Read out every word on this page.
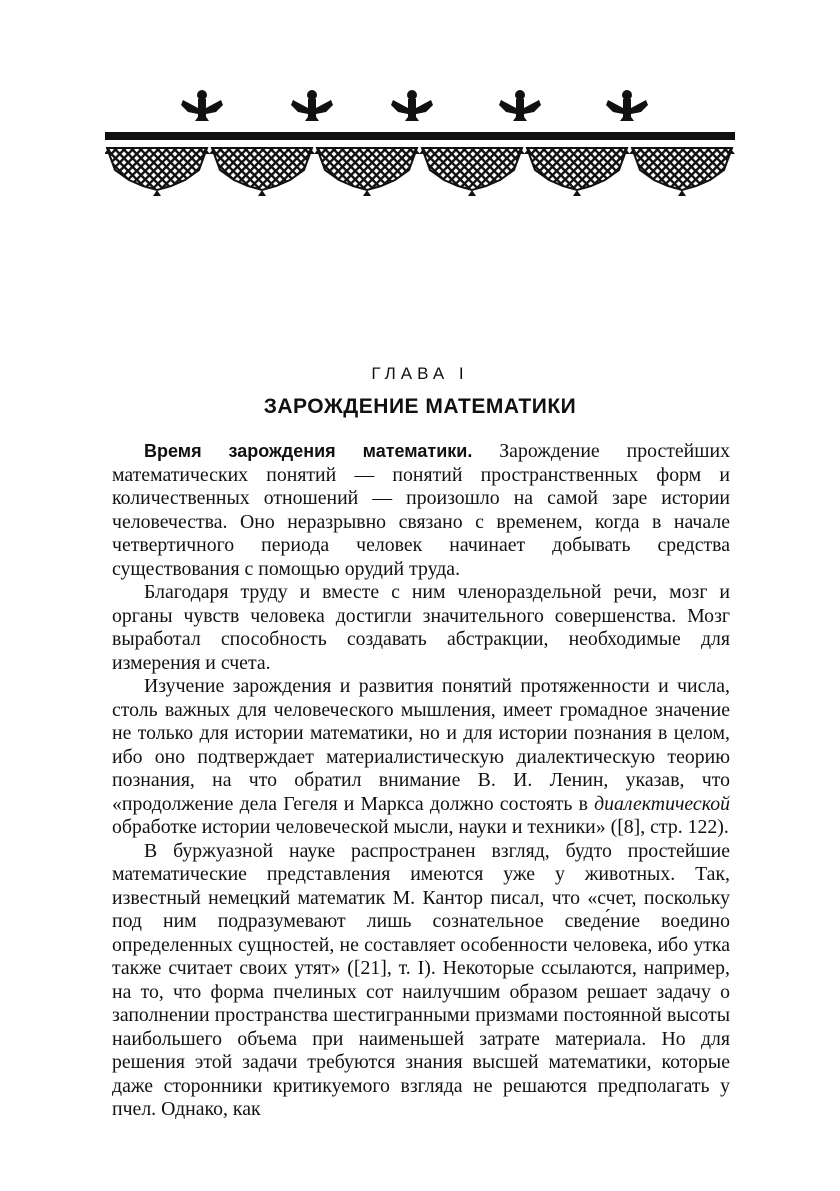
ГЛАВА I
ЗАРОЖДЕНИЕ МАТЕМАТИКИ

Время зарождения математики. Зарождение простейших математических понятий — понятий пространственных форм и количественных отношений — произошло на самой заре истории человечества. Оно неразрывно связано с временем, когда в начале четвертичного периода человек начинает добывать средства существования с помощью орудий труда.

Благодаря труду и вместе с ним членораздельной речи, мозг и органы чувств человека достигли значительного совершенства. Мозг выработал способность создавать абстракции, необходимые для измерения и счета.

Изучение зарождения и развития понятий протяженности и числа, столь важных для человеческого мышления, имеет громадное значение не только для истории математики, но и для истории познания в целом, ибо оно подтверждает материалистическую диалектическую теорию познания, на что обратил внимание В. И. Ленин, указав, что «продолжение дела Гегеля и Маркса должно состоять в диалектической обработке истории человеческой мысли, науки и техники» ([8], стр. 122).

В буржуазной науке распространен взгляд, будто простейшие математические представления имеются уже у животных. Так, известный немецкий математик М. Кантор писал, что «счет, поскольку под ним подразумевают лишь сознательное сведе́ние воедино определенных сущностей, не составляет особенности человека, ибо утка также считает своих утят» ([21], т. I). Некоторые ссылаются, например, на то, что форма пчелиных сот наилучшим образом решает задачу о заполнении пространства шестигранными призмами постоянной высоты наибольшего объема при наименьшей затрате материала. Но для решения этой задачи требуются знания высшей математики, которые даже сторонники критикуемого взгляда не решаются предполагать у пчел. Однако, как
